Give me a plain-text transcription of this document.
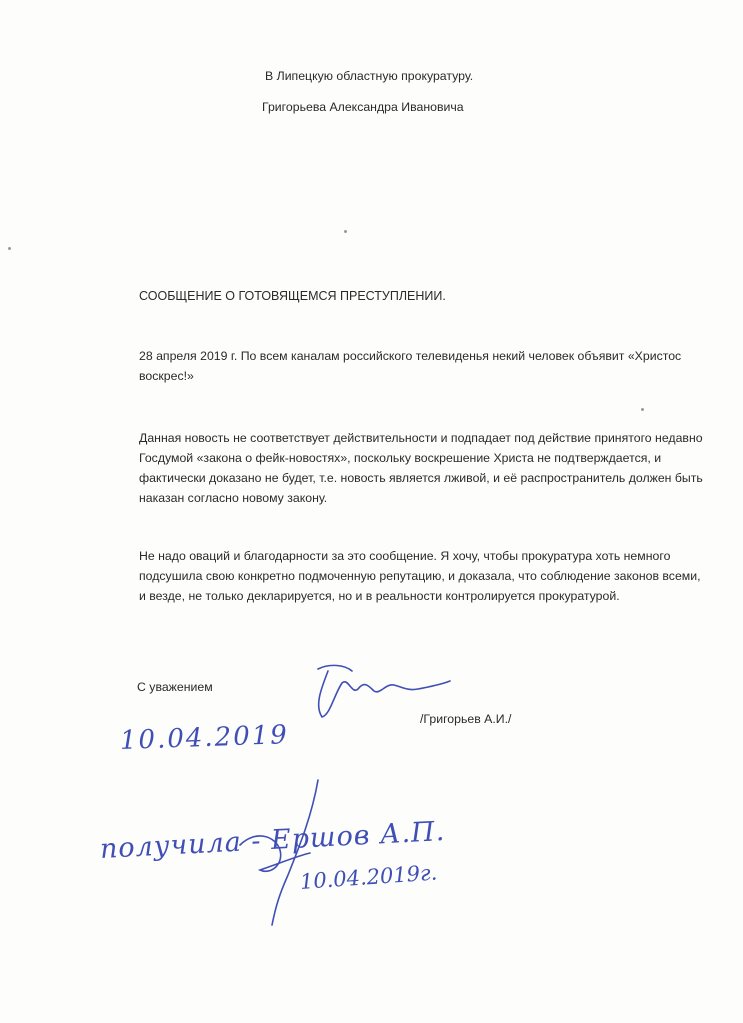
В Липецкую областную прокуратуру.
Григорьева Александра Ивановича
СООБЩЕНИЕ О ГОТОВЯЩЕМСЯ ПРЕСТУПЛЕНИИ.
28 апреля 2019 г. По всем каналам российского телевиденья некий человек объявит «Христос воскрес!»
Данная новость не соответствует действительности и подпадает под действие принятого недавно Госдумой «закона о фейк-новостях», поскольку воскрешение Христа не подтверждается, и фактически доказано не будет, т.е. новость является лживой, и её распространитель должен быть наказан согласно новому закону.
Не надо оваций и благодарности за это сообщение. Я хочу, чтобы прокуратура хоть немного подсушила свою конкретно подмоченную репутацию, и доказала, что соблюдение законов всеми, и везде, не только декларируется, но и в реальности контролируется прокуратурой.
С уважением
/Григорьев А.И./
10.04.2019
получила - Ершов А.П.
10.04.2019г.
